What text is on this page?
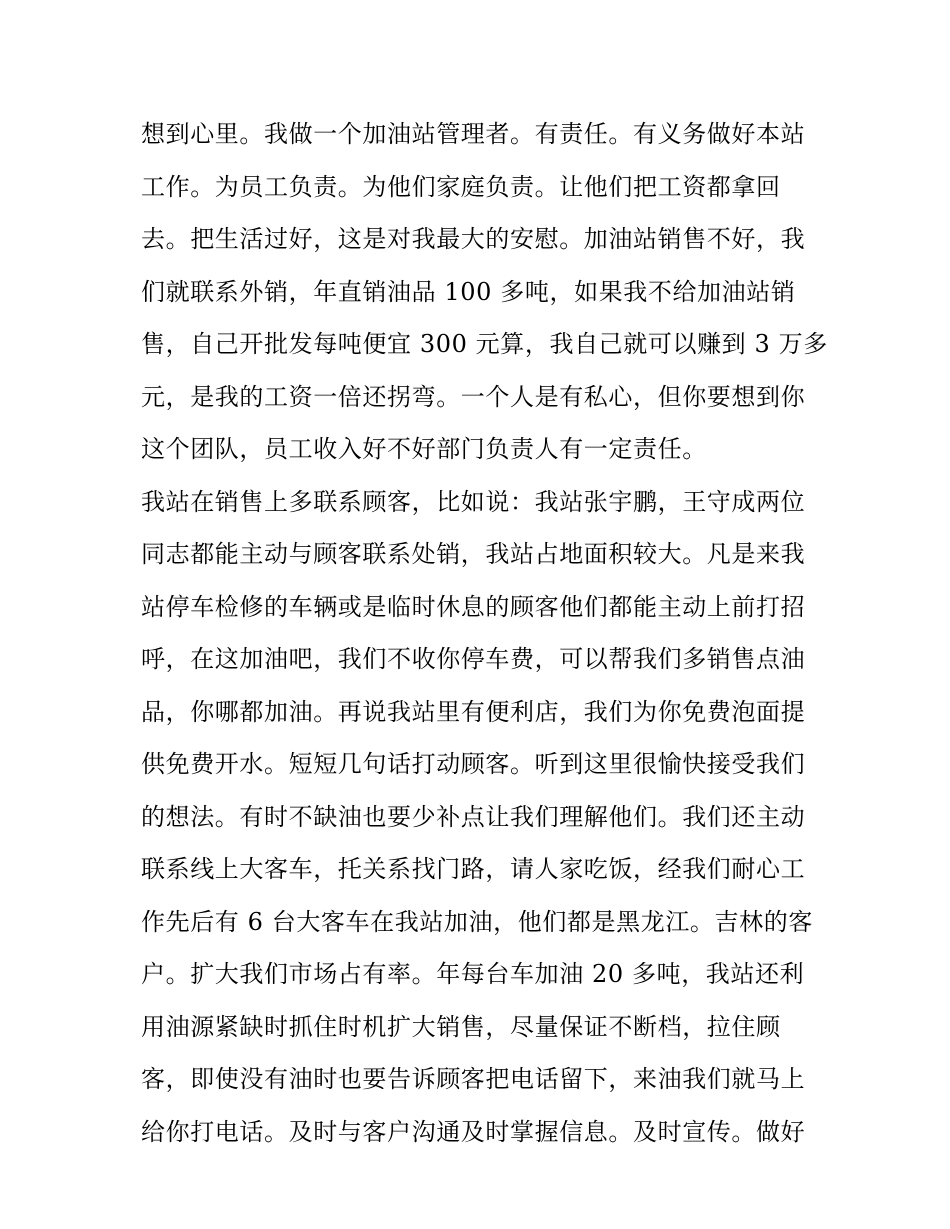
想到心里。我做一个加油站管理者。有责任。有义务做好本站
工作。为员工负责。为他们家庭负责。让他们把工资都拿回
去。把生活过好，这是对我最大的安慰。加油站销售不好，我
们就联系外销，年直销油品 100 多吨，如果我不给加油站销
售，自己开批发每吨便宜 300 元算，我自己就可以赚到 3 万多
元，是我的工资一倍还拐弯。一个人是有私心，但你要想到你
这个团队，员工收入好不好部门负责人有一定责任。
我站在销售上多联系顾客，比如说：我站张宇鹏，王守成两位
同志都能主动与顾客联系处销，我站占地面积较大。凡是来我
站停车检修的车辆或是临时休息的顾客他们都能主动上前打招
呼，在这加油吧，我们不收你停车费，可以帮我们多销售点油
品，你哪都加油。再说我站里有便利店，我们为你免费泡面提
供免费开水。短短几句话打动顾客。听到这里很愉快接受我们
的想法。有时不缺油也要少补点让我们理解他们。我们还主动
联系线上大客车，托关系找门路，请人家吃饭，经我们耐心工
作先后有 6 台大客车在我站加油，他们都是黑龙江。吉林的客
户。扩大我们市场占有率。年每台车加油 20 多吨，我站还利
用油源紧缺时抓住时机扩大销售，尽量保证不断档，拉住顾
客，即使没有油时也要告诉顾客把电话留下，来油我们就马上
给你打电话。及时与客户沟通及时掌握信息。及时宣传。做好
